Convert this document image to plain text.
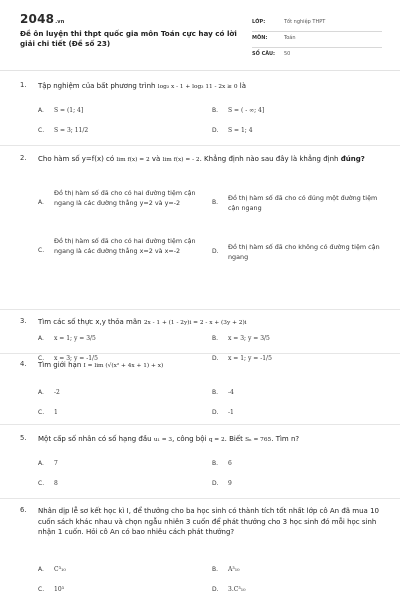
2048.vn
Đề ôn luyện thi thpt quốc gia môn Toán cực hay có lời giải chi tiết (Đề số 23)
LỚP:	Tốt nghiệp THPT
MÔN:	Toán
SỐ CÂU: 50
1. Tập nghiệm của bất phương trình log₃ x - 1 + log₃ 11 - 2x ≥ 0 là
A. S = (1; 4]	B. S = ( - ∞; 4]
C. S = 3; 11/2	D. S = 1; 4
2. Cho hàm số y=f(x) có lim f(x) = 2 và lim f(x) = - 2. Khẳng định nào sau đây là khẳng định đúng?
A.
Đồ thị hàm số đã cho có hai đường tiệm cận ngang là các đường thẳng y=2 và y=-2	B.
Đồ thị hàm số đã cho có đúng một đường tiệm cận ngang
C.
Đồ thị hàm số đã cho có hai đường tiệm cận ngang là các đường thẳng x=2 và x=-2	D.
Đồ thị hàm số đã cho không có đường tiệm cận ngang
3. Tìm các số thực x,y thỏa mãn 2x - 1 + (1 - 2y)i = 2 - x + (3y + 2)i
A. x = 1; y = 3/5	B. x = 3; y = 3/5
C. x = 3; y = -1/5	D. x = 1; y = -1/5
4. Tìm giới hạn I = lim (√(x² + 4x + 1) + x)
A. -2	B. -4
C. 1	D. -1
5. Một cấp số nhân có số hạng đầu u₁ = 3, công bội q = 2. Biết Sₙ = 765. Tìm n?
A. 7	B. 6
C. 8	D. 9
6. Nhân dịp lễ sơ kết học kì I, để thưởng cho ba học sinh có thành tích tốt nhất lớp cô An đã mua 10 cuốn sách khác nhau và chọn ngẫu nhiên 3 cuốn để phát thưởng cho 3 học sinh đó mỗi học sinh nhận 1 cuốn. Hỏi cô An có bao nhiêu cách phát thưởng?
A. C³₁₀	B. A³₁₀
C. 10³	D. 3.C³₁₀
